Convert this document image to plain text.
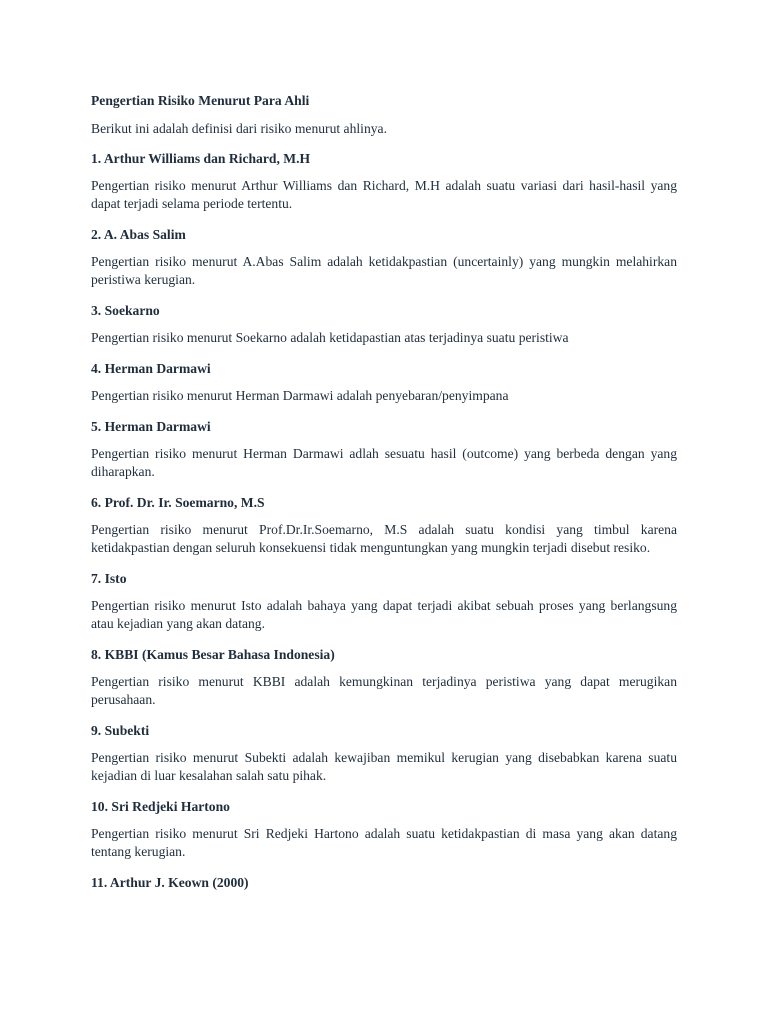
Pengertian Risiko Menurut Para Ahli

Berikut ini adalah definisi dari risiko menurut ahlinya.

1. Arthur Williams dan Richard, M.H

Pengertian risiko menurut Arthur Williams dan Richard, M.H adalah suatu variasi dari hasil-hasil yang dapat terjadi selama periode tertentu.

2. A. Abas Salim

Pengertian risiko menurut A.Abas Salim adalah ketidakpastian (uncertainly) yang mungkin melahirkan peristiwa kerugian.

3. Soekarno

Pengertian risiko menurut Soekarno adalah ketidapastian atas terjadinya suatu peristiwa

4. Herman Darmawi

Pengertian risiko menurut Herman Darmawi adalah penyebaran/penyimpana

5. Herman Darmawi

Pengertian risiko menurut Herman Darmawi adlah sesuatu hasil (outcome) yang berbeda dengan yang diharapkan.

6. Prof. Dr. Ir. Soemarno, M.S

Pengertian risiko menurut Prof.Dr.Ir.Soemarno, M.S adalah suatu kondisi yang timbul karena ketidakpastian dengan seluruh konsekuensi tidak menguntungkan yang mungkin terjadi disebut resiko.

7. Isto

Pengertian risiko menurut Isto adalah bahaya yang dapat terjadi akibat sebuah proses yang berlangsung atau kejadian yang akan datang.

8. KBBI (Kamus Besar Bahasa Indonesia)

Pengertian risiko menurut KBBI adalah kemungkinan terjadinya peristiwa yang dapat merugikan perusahaan.

9. Subekti

Pengertian risiko menurut Subekti adalah kewajiban memikul kerugian yang disebabkan karena suatu kejadian di luar kesalahan salah satu pihak.

10. Sri Redjeki Hartono

Pengertian risiko menurut Sri Redjeki Hartono adalah suatu ketidakpastian di masa yang akan datang tentang kerugian.

11. Arthur J. Keown (2000)
